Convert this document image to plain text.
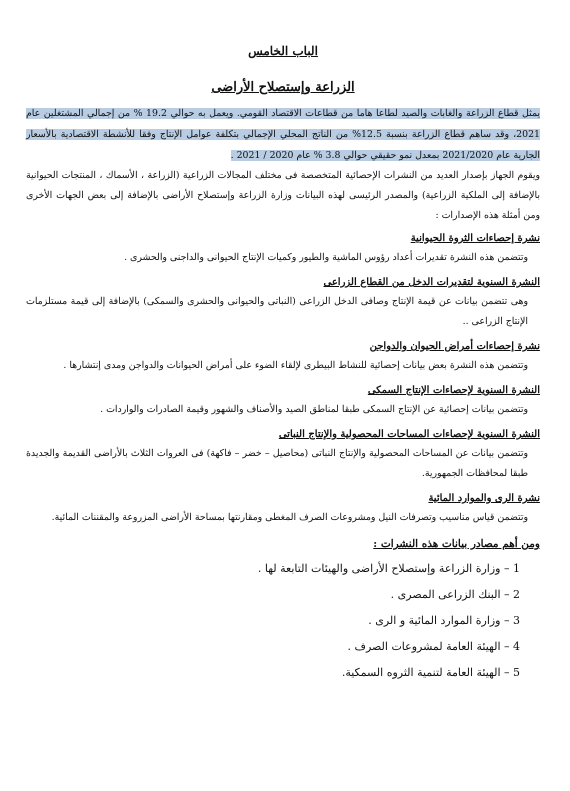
الباب الخامس
الزراعة وإستصلاح الأراضى

يمثل قطاع الزراعة والغابات والصيد لطاعا هاما من قطاعات الاقتصاد القومي. ويعمل به حوالي 19.2 % من إجمالي المشتغلين عام 2021، وقد ساهم قطاع الزراعة بنسبة 12.5% من الناتج المحلي الإجمالي بتكلفة عوامل الإنتاج وفقا للأنشطة الاقتصادية بالأسعار الجارية عام 2021/2020 بمعدل نمو حقيقي حوالي 3.8 % عام 2020 / 2021 .

ويقوم الجهاز بإصدار العديد من النشرات الإحصائية المتخصصة فى مختلف المجالات الزراعية (الزراعة ، الأسماك ، المنتجات الحيوانية بالإضافة إلى الملكية الزراعية) والمصدر الرئيسى لهذه البيانات وزارة الزراعة وإستصلاح الأراضى بالإضافة إلى بعض الجهات الأخرى ومن أمثلة هذه الإصدارات :

نشرة إحصاءات الثروة الحيوانية

وتتضمن هذه النشرة تقديرات أعداد رؤوس الماشية والطيور وكميات الإنتاج الحيوانى والداجنى والحشرى .

النشرة السنوية لتقديرات الدخل من القطاع الزراعى

وهى تتضمن بيانات عن قيمة الإنتاج وصافى الدخل الزراعى (النباتى والحيوانى والحشرى والسمكى) بالإضافة إلى قيمة مستلزمات الإنتاج الزراعى ..

نشرة إحصاءات أمراض الحيوان والدواجن

وتتضمن هذه النشرة بعض بيانات إحصائية للنشاط البيطرى لإلقاء الضوء على أمراض الحيوانات والدواجن ومدى إنتشارها .

النشرة السنوية لإحصاءات الإنتاج السمكى

وتتضمن بيانات إحصائية عن الإنتاج السمكى طبقا لمناطق الصيد والأصناف والشهور وقيمة الصادرات والواردات .

النشرة السنوية لإحصاءات المساحات المحصولية والإنتاج النباتى

وتتضمن بيانات عن المساحات المحصولية والإنتاج النباتى (محاصيل – خضر – فاكهة) فى العروات الثلاث بالأراضى القديمة والجديدة طبقا لمحافظات الجمهورية.

نشرة الرى والموارد المائية

وتتضمن قياس مناسيب وتصرفات النيل ومشروعات الصرف المغطى ومقارنتها بمساحة الأراضى المزروعة والمقننات المائية.

ومن أهم مصادر بيانات هذه النشرات :

1 – وزارة الزراعة وإستصلاح الأراضى والهيئات التابعة لها .
2 – البنك الزراعى المصرى .
3 – وزارة الموارد المائية و الرى .
4 – الهيئة العامة لمشروعات الصرف .
5 – الهيئة العامة لتنمية الثروه السمكية.
